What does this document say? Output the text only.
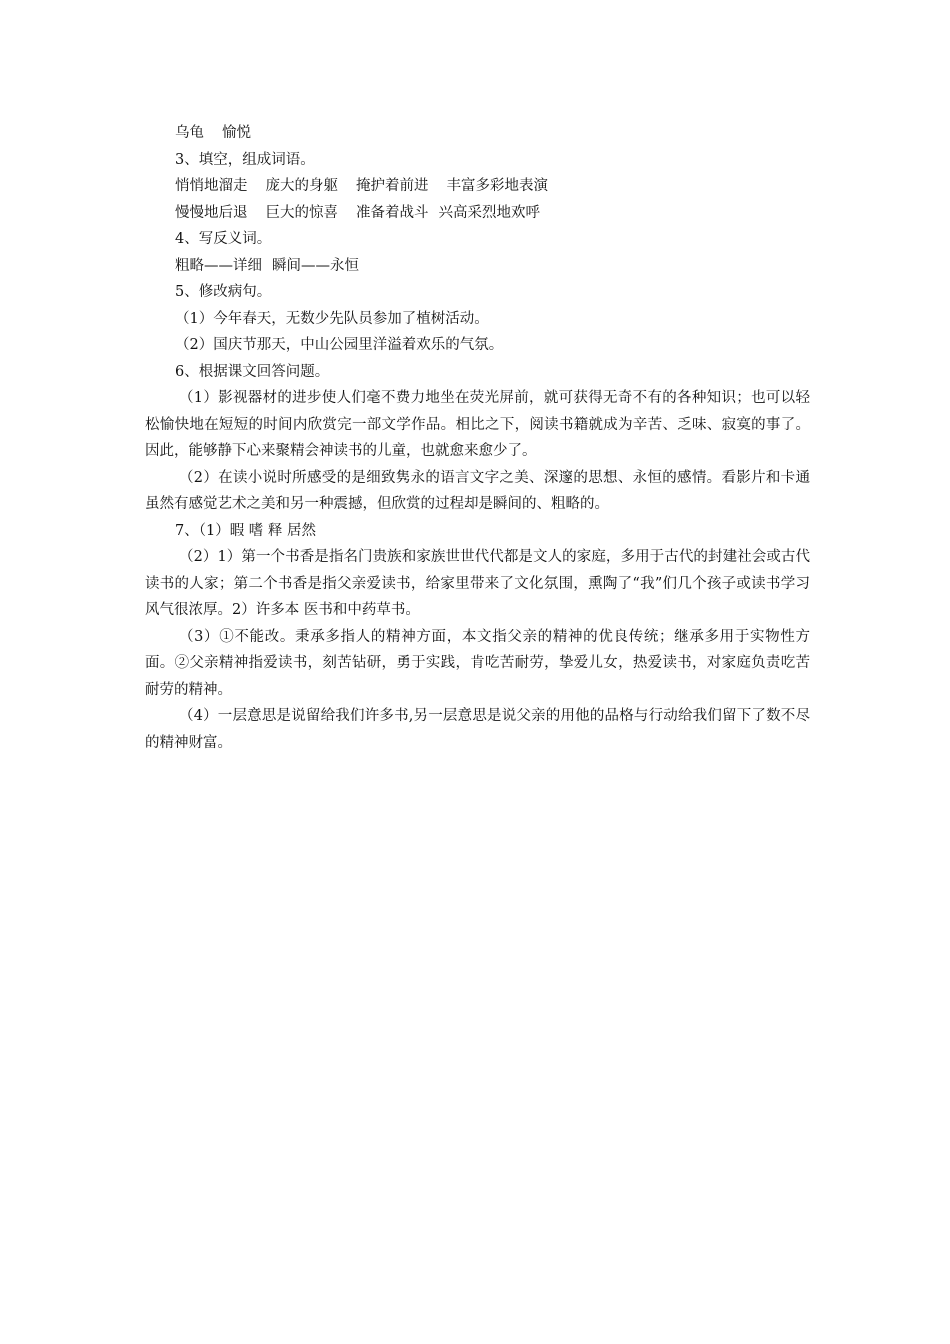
乌龟 愉悦

3、填空，组成词语。

悄悄地溜走 庞大的身躯 掩护着前进 丰富多彩地表演

慢慢地后退 巨大的惊喜 准备着战斗 兴高采烈地欢呼

4、写反义词。

粗略——详细 瞬间——永恒

5、修改病句。

（1）今年春天，无数少先队员参加了植树活动。

（2）国庆节那天，中山公园里洋溢着欢乐的气氛。

6、根据课文回答问题。

（1）影视器材的进步使人们毫不费力地坐在荧光屏前，就可获得无奇不有的各种知识；也可以轻松愉快地在短短的时间内欣赏完一部文学作品。相比之下，阅读书籍就成为辛苦、乏味、寂寞的事了。因此，能够静下心来聚精会神读书的儿童，也就愈来愈少了。

（2）在读小说时所感受的是细致隽永的语言文字之美、深邃的思想、永恒的感情。看影片和卡通虽然有感觉艺术之美和另一种震撼，但欣赏的过程却是瞬间的、粗略的。

7、（1）暇 嗜 释 居然

（2）1）第一个书香是指名门贵族和家族世世代代都是文人的家庭，多用于古代的封建社会或古代读书的人家；第二个书香是指父亲爱读书，给家里带来了文化氛围，熏陶了“我”们几个孩子或读书学习风气很浓厚。2）许多本 医书和中药草书。

（3）①不能改。秉承多指人的精神方面，本文指父亲的精神的优良传统；继承多用于实物性方面。②父亲精神指爱读书，刻苦钻研，勇于实践，肯吃苦耐劳，挚爱儿女，热爱读书，对家庭负责吃苦耐劳的精神。

（4）一层意思是说留给我们许多书,另一层意思是说父亲的用他的品格与行动给我们留下了数不尽的精神财富。
